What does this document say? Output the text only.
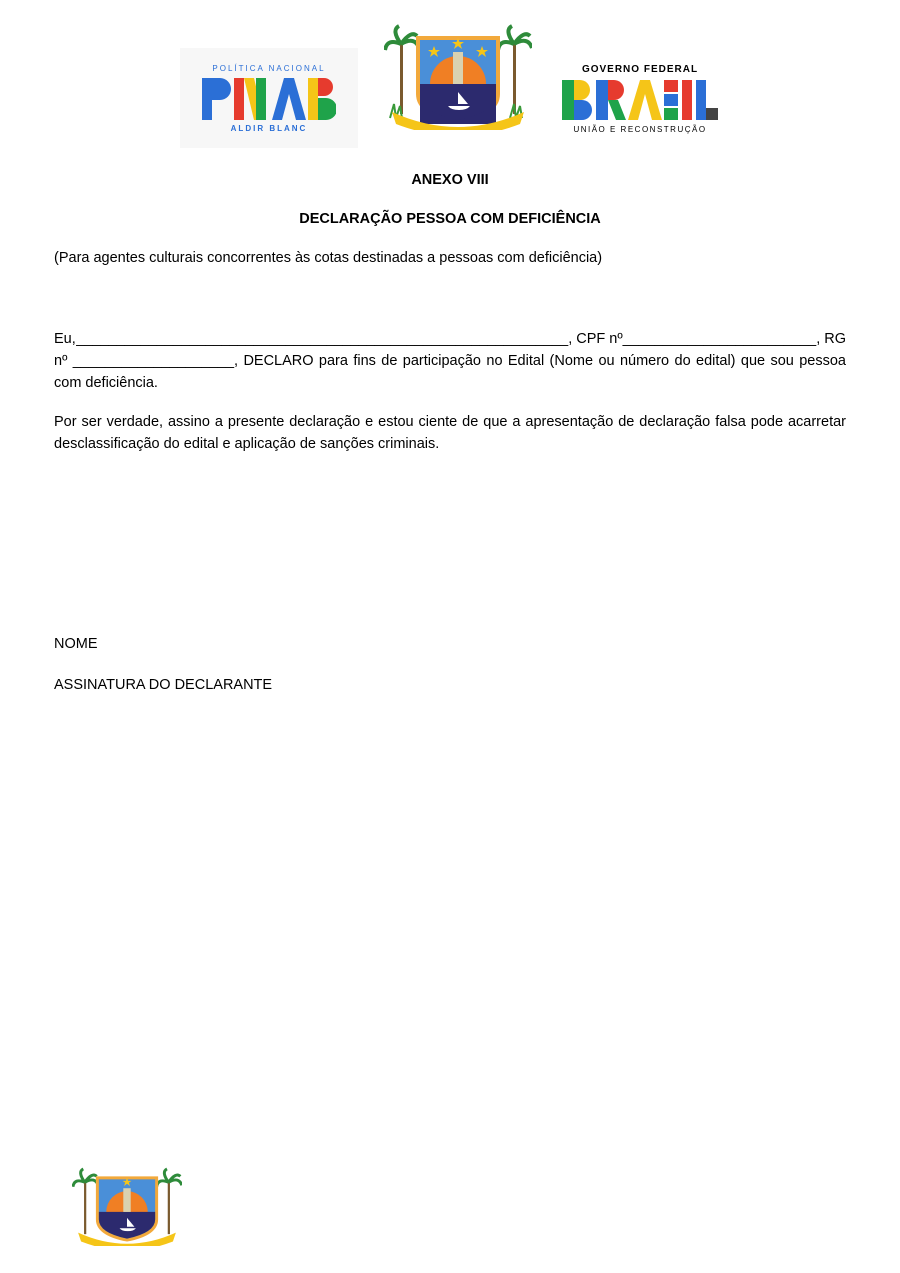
POLÍTICA NACIONAL
ALDIR BLANC
GOVERNO FEDERAL
UNIÃO E RECONSTRUÇÃO
ANEXO VIII
DECLARAÇÃO PESSOA COM DEFICIÊNCIA
(Para agentes culturais concorrentes às cotas destinadas a pessoas com deficiência)
Eu, _____________________________________________________________, CPF nº________________________, RG
nº ____________________, DECLARO para fins de participação no Edital (Nome ou número do edital) que sou pessoa
com deficiência.
Por ser verdade, assino a presente declaração e estou ciente de que a apresentação de declaração falsa pode acarretar desclassificação do edital e aplicação de sanções criminais.
NOME
ASSINATURA DO DECLARANTE
